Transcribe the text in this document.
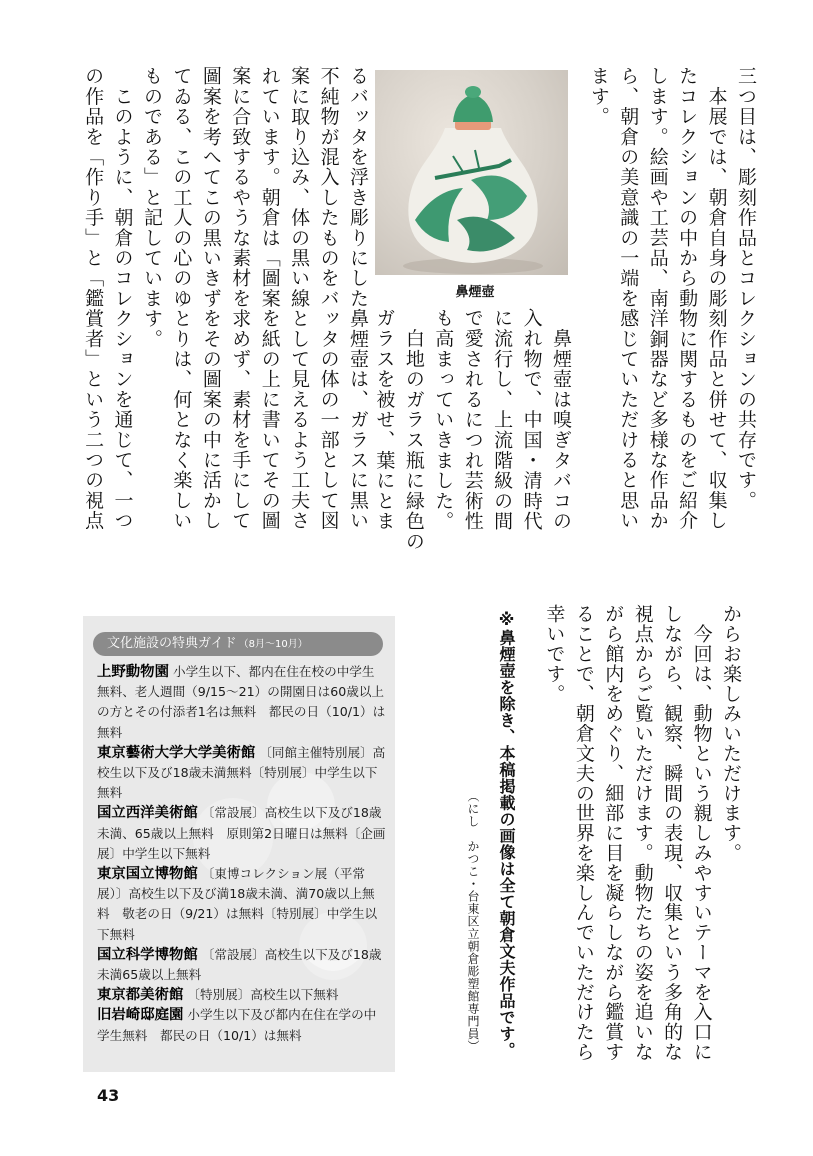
三つ目は、彫刻作品とコレクションの共存です。
　本展では、朝倉自身の彫刻作品と併せて、収集し
たコレクションの中から動物に関するものをご紹介
します。絵画や工芸品、南洋銅器など多様な作品か
ら、朝倉の美意識の一端を感じていただけると思い
ます。
鼻煙壺
　鼻煙壺は嗅ぎタバコの
入れ物で、中国・清時代
に流行し、上流階級の間
で愛されるにつれ芸術性
も高まっていきました。
　白地のガラス瓶に緑色の
ガラスを被せ、葉にとま
るバッタを浮き彫りにした鼻煙壺は、ガラスに黒い
不純物が混入したものをバッタの体の一部として図
案に取り込み、体の黒い線として見えるよう工夫さ
れています。朝倉は「圖案を紙の上に書いてその圖
案に合致するやうな素材を求めず、素材を手にして
圖案を考へてこの黒いきずをその圖案の中に活かし
てゐる、この工人の心のゆとりは、何となく楽しい
ものである」と記しています。
　このように、朝倉のコレクションを通じて、一つ
の作品を「作り手」と「鑑賞者」という二つの視点
からお楽しみいただけます。
　今回は、動物という親しみやすいテーマを入口に
しながら、観察、瞬間の表現、収集という多角的な
視点からご覧いただけます。動物たちの姿を追いな
がら館内をめぐり、細部に目を凝らしながら鑑賞す
ることで、朝倉文夫の世界を楽しんでいただけたら
幸いです。
※鼻煙壺を除き、本稿掲載の画像は全て朝倉文夫作品です。
（にし　かつこ・台東区立朝倉彫塑館専門員）
文化施設の特典ガイド （8月〜10月）
上野動物園 小学生以下、都内在住在校の中学生無料、老人週間（9/15〜21）の開園日は60歳以上の方とその付添者1名は無料　都民の日（10/1）は無料
東京藝術大学大学美術館 〔同館主催特別展〕高校生以下及び18歳未満無料〔特別展〕中学生以下無料
国立西洋美術館 〔常設展〕高校生以下及び18歳未満、65歳以上無料　原則第2日曜日は無料〔企画展〕中学生以下無料
東京国立博物館 〔東博コレクション展（平常展）〕高校生以下及び満18歳未満、満70歳以上無料　敬老の日（9/21）は無料〔特別展〕中学生以下無料
国立科学博物館 〔常設展〕高校生以下及び18歳未満65歳以上無料
東京都美術館 〔特別展〕高校生以下無料
旧岩崎邸庭園 小学生以下及び都内在住在学の中学生無料　都民の日（10/1）は無料
43
